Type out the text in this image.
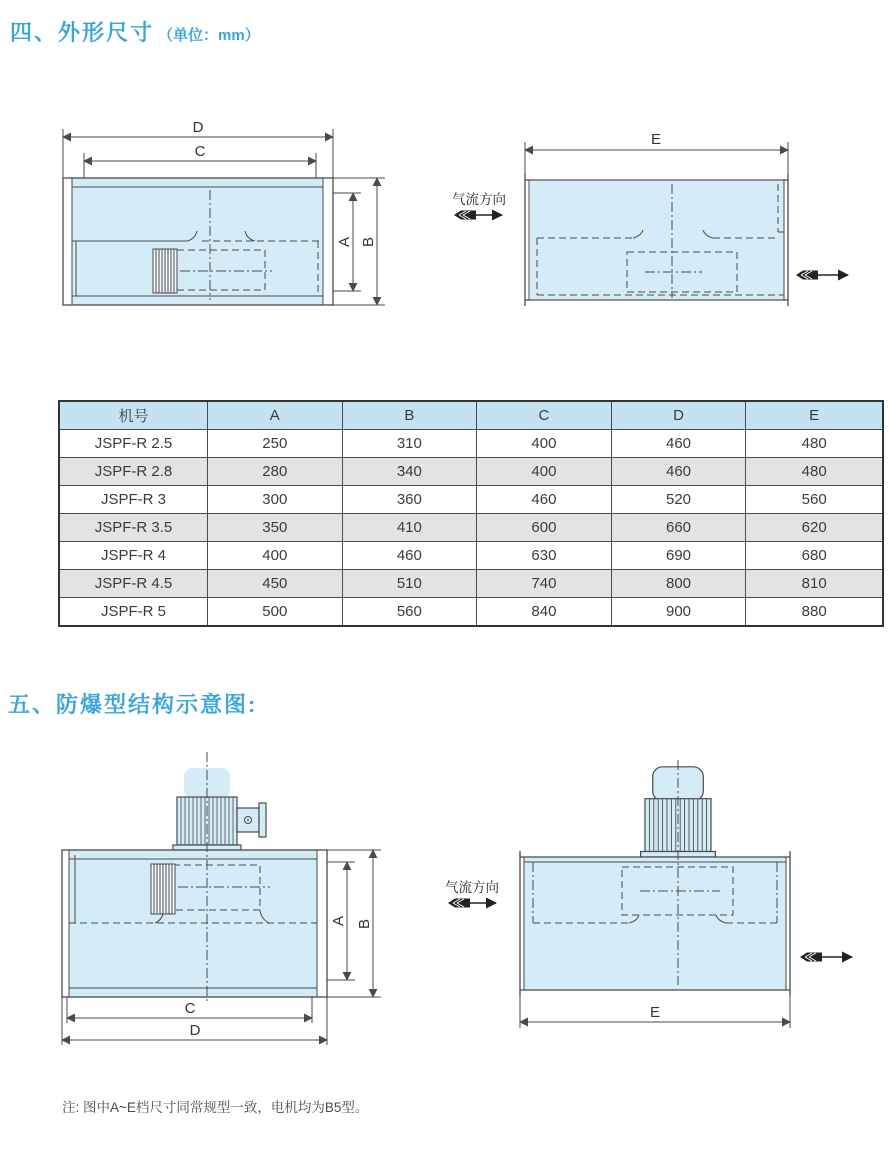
四、外形尺寸 （单位：mm）
D
C
A B
E
气流方向
机号	A	B	C	D	E
JSPF-R 2.5	250	310	400	460	480
JSPF-R 2.8	280	340	400	460	480
JSPF-R 3	300	360	460	520	560
JSPF-R 3.5	350	410	600	660	620
JSPF-R 4	400	460	630	690	680
JSPF-R 4.5	450	510	740	800	810
JSPF-R 5	500	560	840	900	880
五、防爆型结构示意图:
A B
C
D
E
气流方向
注: 图中A~E档尺寸同常规型一致，电机均为B5型。
